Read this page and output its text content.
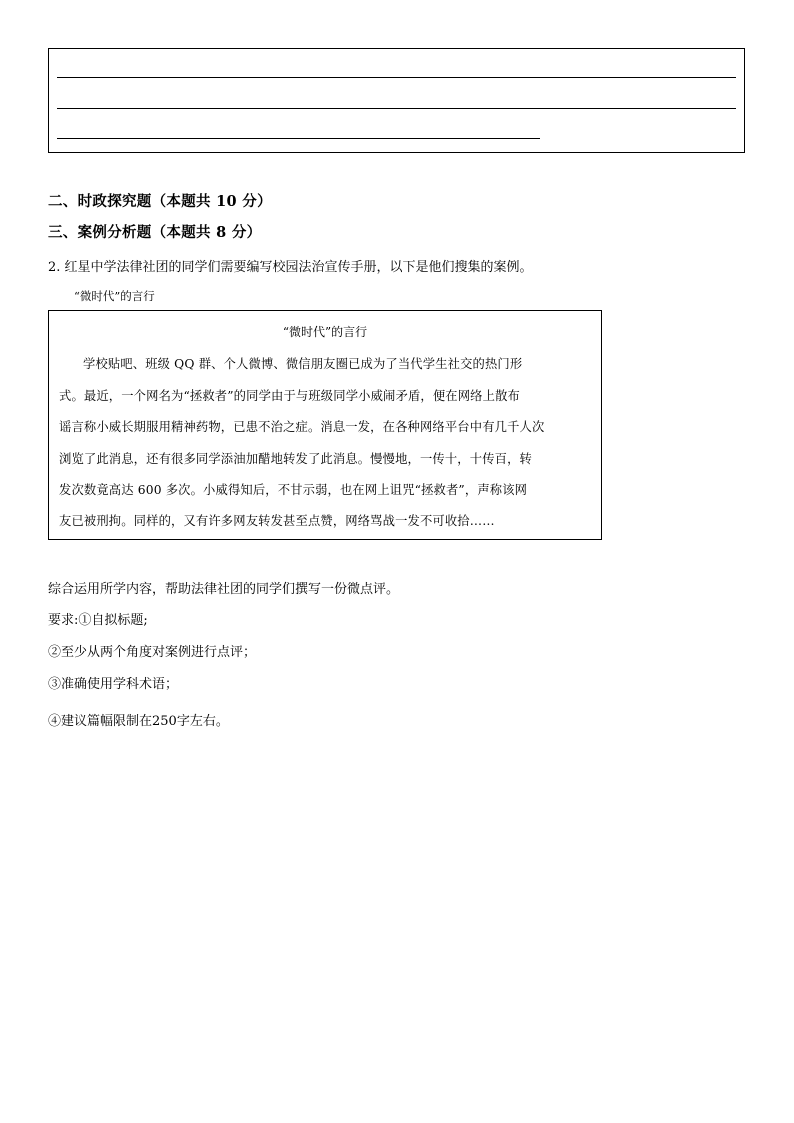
二、时政探究题（本题共 10 分）
三、案例分析题（本题共 8 分）
2. 红星中学法律社团的同学们需要编写校园法治宣传手册，以下是他们搜集的案例。
“微时代”的言行
“微时代”的言行
学校贴吧、班级 QQ 群、个人微博、微信朋友圈已成为了当代学生社交的热门形
式。最近，一个网名为“拯救者”的同学由于与班级同学小威闹矛盾，便在网络上散布
谣言称小威长期服用精神药物，已患不治之症。消息一发，在各种网络平台中有几千人次
浏览了此消息，还有很多同学添油加醋地转发了此消息。慢慢地，一传十，十传百，转
发次数竟高达 600 多次。小威得知后，不甘示弱，也在网上诅咒“拯救者”，声称该网
友已被刑拘。同样的，又有许多网友转发甚至点赞，网络骂战一发不可收拾……
综合运用所学内容，帮助法律社团的同学们撰写一份微点评。
要求:①自拟标题;
②至少从两个角度对案例进行点评；
③准确使用学科术语；
④建议篇幅限制在250字左右。
